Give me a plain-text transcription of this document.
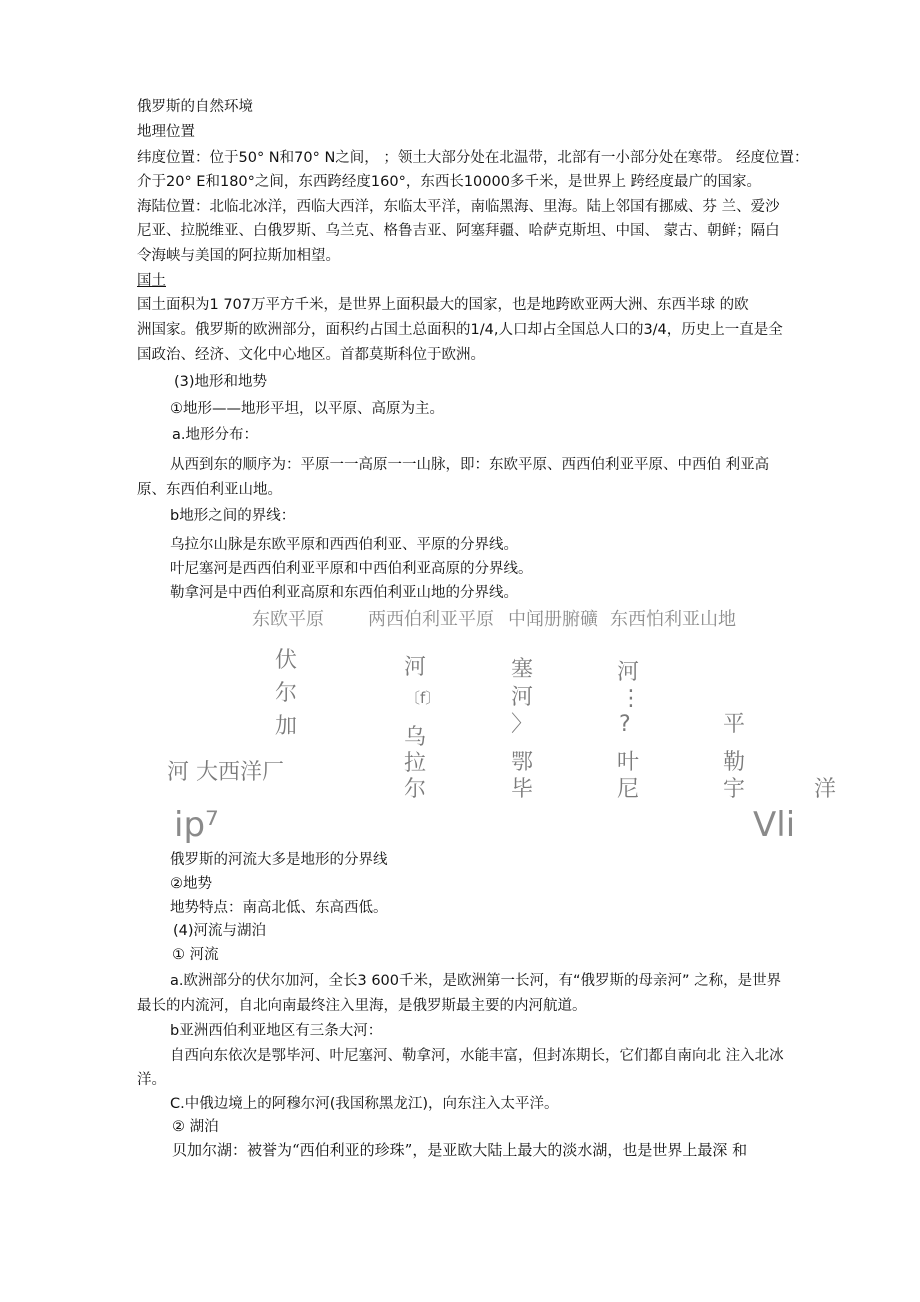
俄罗斯的自然环境
地理位置
纬度位置：位于50° N和70° N之间， ；领土大部分处在北温带，北部有一小部分处在寒带。 经度位置：
介于20° E和180°之间，东西跨经度160°，东西长10000多千米，是世界上 跨经度最广的国家。
海陆位置：北临北冰洋，西临大西洋，东临太平洋，南临黑海、里海。陆上邻国有挪威、芬 兰、爱沙
尼亚、拉脱维亚、白俄罗斯、乌兰克、格鲁吉亚、阿塞拜疆、哈萨克斯坦、中国、 蒙古、朝鲜；隔白
令海峡与美国的阿拉斯加相望。
国土
国土面积为1 707万平方千米，是世界上面积最大的国家，也是地跨欧亚两大洲、东西半球 的欧
洲国家。俄罗斯的欧洲部分，面积约占国土总面积的1/4,人口却占全国总人口的3/4，历史上一直是全
国政治、经济、文化中心地区。首都莫斯科位于欧洲。
(3)地形和地势
①地形——地形平坦，以平原、高原为主。
a.地形分布：
从西到东的顺序为：平原一一高原一一山脉，即：东欧平原、西西伯利亚平原、中西伯 利亚高
原、东西伯利亚山地。
b地形之间的界线：
乌拉尔山脉是东欧平原和西西伯利亚、平原的分界线。
叶尼塞河是西西伯利亚平原和中西伯利亚高原的分界线。
勒拿河是中西伯利亚高原和东西伯利亚山地的分界线。
东欧平原 两西伯利亚平原 中闻册腑礦 东西怕利亚山地
伏
尔
加
河
〔f〕
乌
拉
尔
塞
河
〉
鄂
毕
河
⋮
?
叶
尼
平
勒
宇
河 大西洋厂
洋
ip⁷	Vli
俄罗斯的河流大多是地形的分界线
②地势
地势特点：南高北低、东高西低。
(4)河流与湖泊
① 河流
a.欧洲部分的伏尔加河，全长3 600千米，是欧洲第一长河，有“俄罗斯的母亲河” 之称，是世界
最长的内流河，自北向南最终注入里海，是俄罗斯最主要的内河航道。
b亚洲西伯利亚地区有三条大河：
自西向东依次是鄂毕河、叶尼塞河、勒拿河，水能丰富，但封冻期长，它们都自南向北 注入北冰
洋。
C.中俄边境上的阿穆尔河(我国称黑龙江)，向东注入太平洋。
② 湖泊
贝加尔湖：被誉为“西伯利亚的珍珠”，是亚欧大陆上最大的淡水湖，也是世界上最深 和
